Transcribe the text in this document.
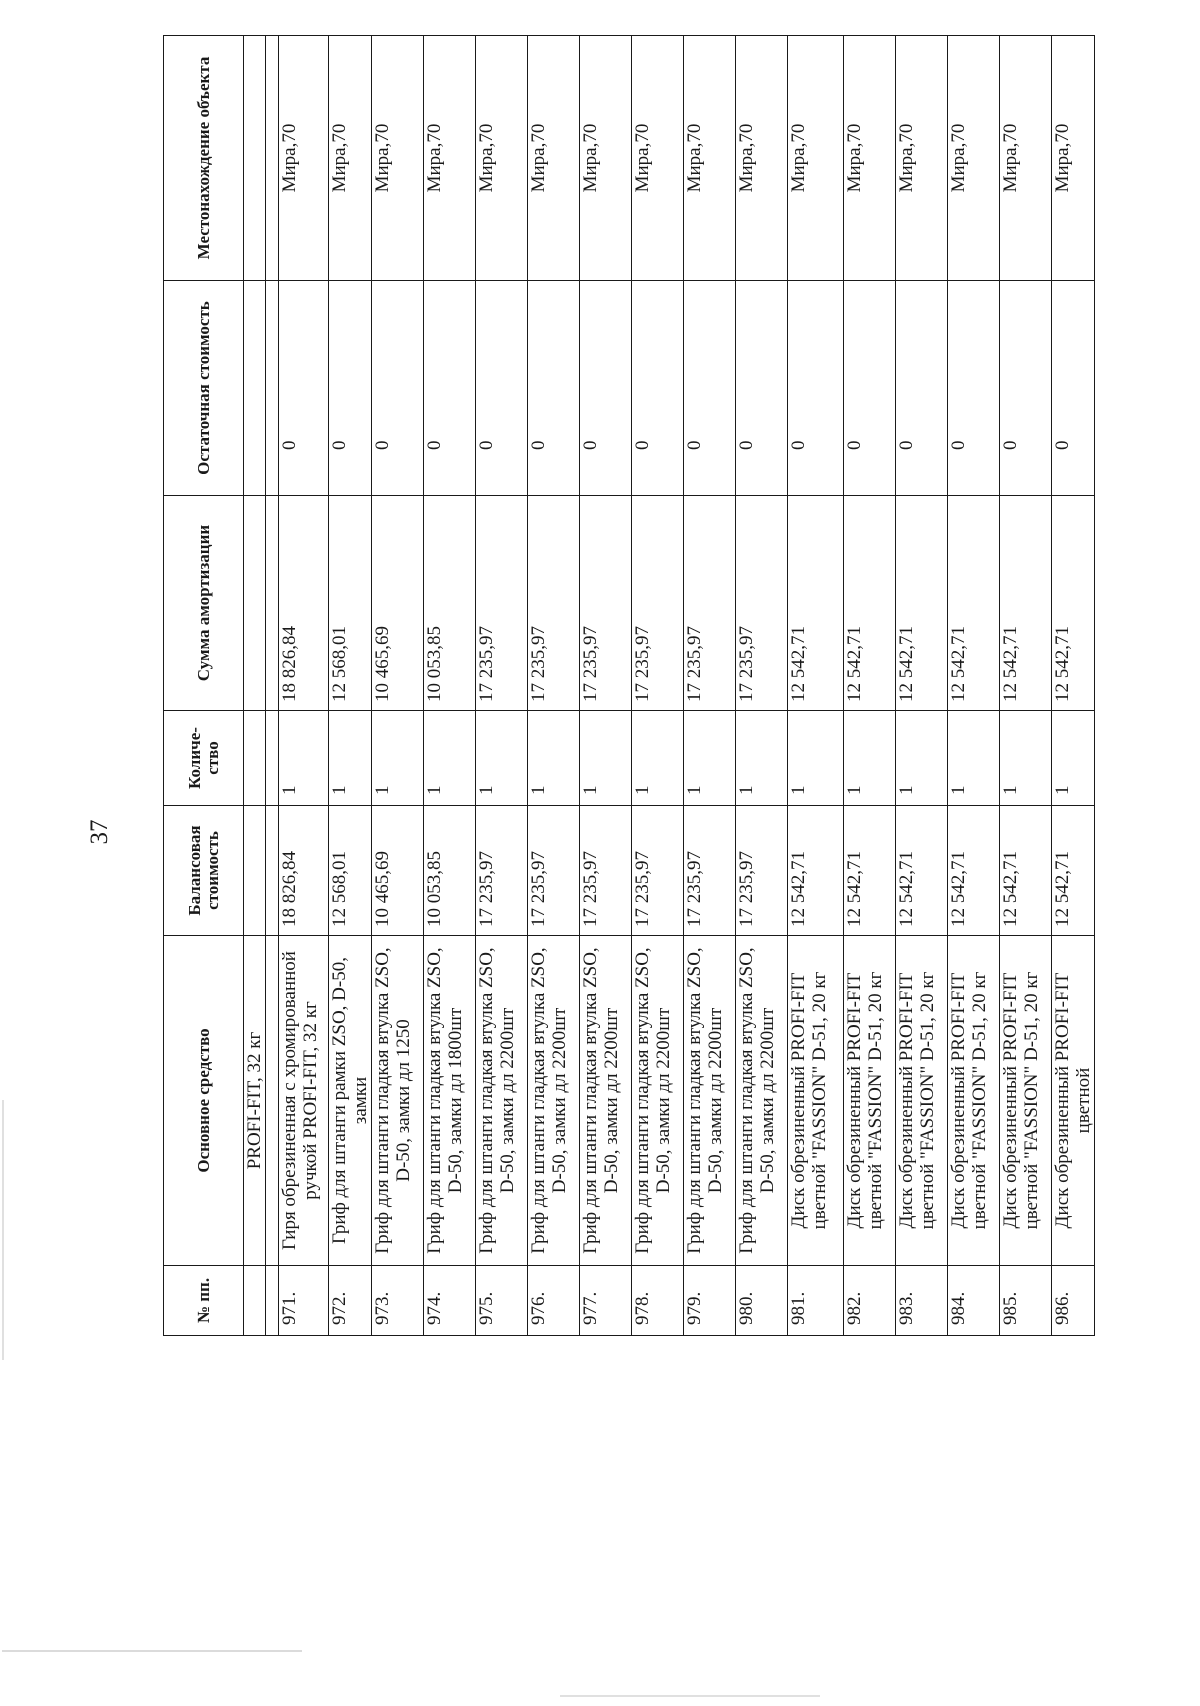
37
№ пп.	Основное средство	Балансовая стоимость	Количе-ство	Сумма амортизации	Остаточная стоимость	Местонахождение объекта
	PROFI-FIT, 32 кг					

971.	Гиря обрезиненная с хромированной ручкой PROFI-FIT, 32 кг	18 826,84	1	18 826,84	0	Мира,70
972.	Гриф для штанги рамки ZSO, D-50, замки	12 568,01	1	12 568,01	0	Мира,70
973.	Гриф для штанги гладкая втулка ZSO, D-50, замки дл 1250	10 465,69	1	10 465,69	0	Мира,70
974.	Гриф для штанги гладкая втулка ZSO, D-50, замки дл 1800шт	10 053,85	1	10 053,85	0	Мира,70
975.	Гриф для штанги гладкая втулка ZSO, D-50, замки дл 2200шт	17 235,97	1	17 235,97	0	Мира,70
976.	Гриф для штанги гладкая втулка ZSO, D-50, замки дл 2200шт	17 235,97	1	17 235,97	0	Мира,70
977.	Гриф для штанги гладкая втулка ZSO, D-50, замки дл 2200шт	17 235,97	1	17 235,97	0	Мира,70
978.	Гриф для штанги гладкая втулка ZSO, D-50, замки дл 2200шт	17 235,97	1	17 235,97	0	Мира,70
979.	Гриф для штанги гладкая втулка ZSO, D-50, замки дл 2200шт	17 235,97	1	17 235,97	0	Мира,70
980.	Гриф для штанги гладкая втулка ZSO, D-50, замки дл 2200шт	17 235,97	1	17 235,97	0	Мира,70
981.	Диск обрезиненный PROFI-FIT цветной "FASSION" D-51, 20 кг	12 542,71	1	12 542,71	0	Мира,70
982.	Диск обрезиненный PROFI-FIT цветной "FASSION" D-51, 20 кг	12 542,71	1	12 542,71	0	Мира,70
983.	Диск обрезиненный PROFI-FIT цветной "FASSION" D-51, 20 кг	12 542,71	1	12 542,71	0	Мира,70
984.	Диск обрезиненный PROFI-FIT цветной "FASSION" D-51, 20 кг	12 542,71	1	12 542,71	0	Мира,70
985.	Диск обрезиненный PROFI-FIT цветной "FASSION" D-51, 20 кг	12 542,71	1	12 542,71	0	Мира,70
986.	Диск обрезиненный PROFI-FIT цветной	12 542,71	1	12 542,71	0	Мира,70
